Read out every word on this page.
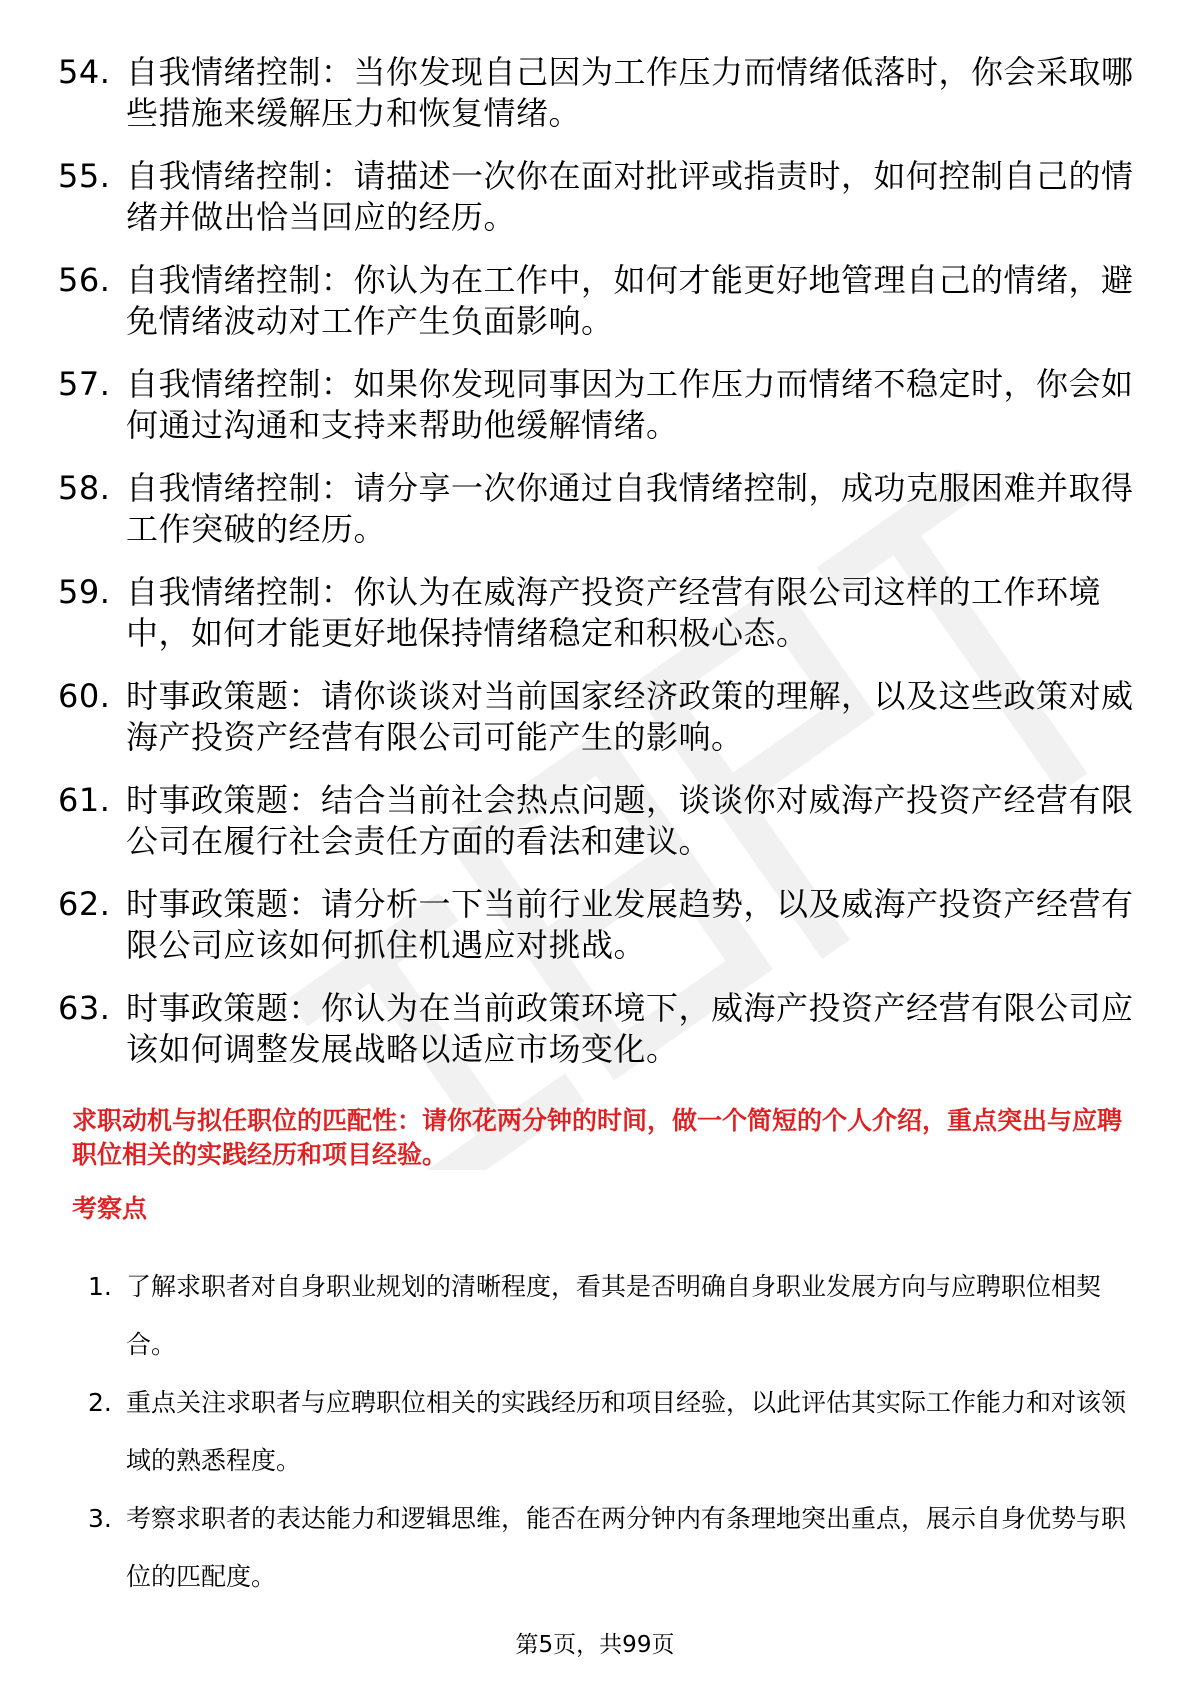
54. 自我情绪控制：当你发现自己因为工作压力而情绪低落时，你会采取哪些措施来缓解压力和恢复情绪。
55. 自我情绪控制：请描述一次你在面对批评或指责时，如何控制自己的情绪并做出恰当回应的经历。
56. 自我情绪控制：你认为在工作中，如何才能更好地管理自己的情绪，避免情绪波动对工作产生负面影响。
57. 自我情绪控制：如果你发现同事因为工作压力而情绪不稳定时，你会如何通过沟通和支持来帮助他缓解情绪。
58. 自我情绪控制：请分享一次你通过自我情绪控制，成功克服困难并取得工作突破的经历。
59. 自我情绪控制：你认为在威海产投资产经营有限公司这样的工作环境中，如何才能更好地保持情绪稳定和积极心态。
60. 时事政策题：请你谈谈对当前国家经济政策的理解，以及这些政策对威海产投资产经营有限公司可能产生的影响。
61. 时事政策题：结合当前社会热点问题，谈谈你对威海产投资产经营有限公司在履行社会责任方面的看法和建议。
62. 时事政策题：请分析一下当前行业发展趋势，以及威海产投资产经营有限公司应该如何抓住机遇应对挑战。
63. 时事政策题：你认为在当前政策环境下，威海产投资产经营有限公司应该如何调整发展战略以适应市场变化。

求职动机与拟任职位的匹配性：请你花两分钟的时间，做一个简短的个人介绍，重点突出与应聘职位相关的实践经历和项目经验。

考察点

1. 了解求职者对自身职业规划的清晰程度，看其是否明确自身职业发展方向与应聘职位相契合。
2. 重点关注求职者与应聘职位相关的实践经历和项目经验，以此评估其实际工作能力和对该领域的熟悉程度。
3. 考察求职者的表达能力和逻辑思维，能否在两分钟内有条理地突出重点，展示自身优势与职位的匹配度。
第5页，共99页
